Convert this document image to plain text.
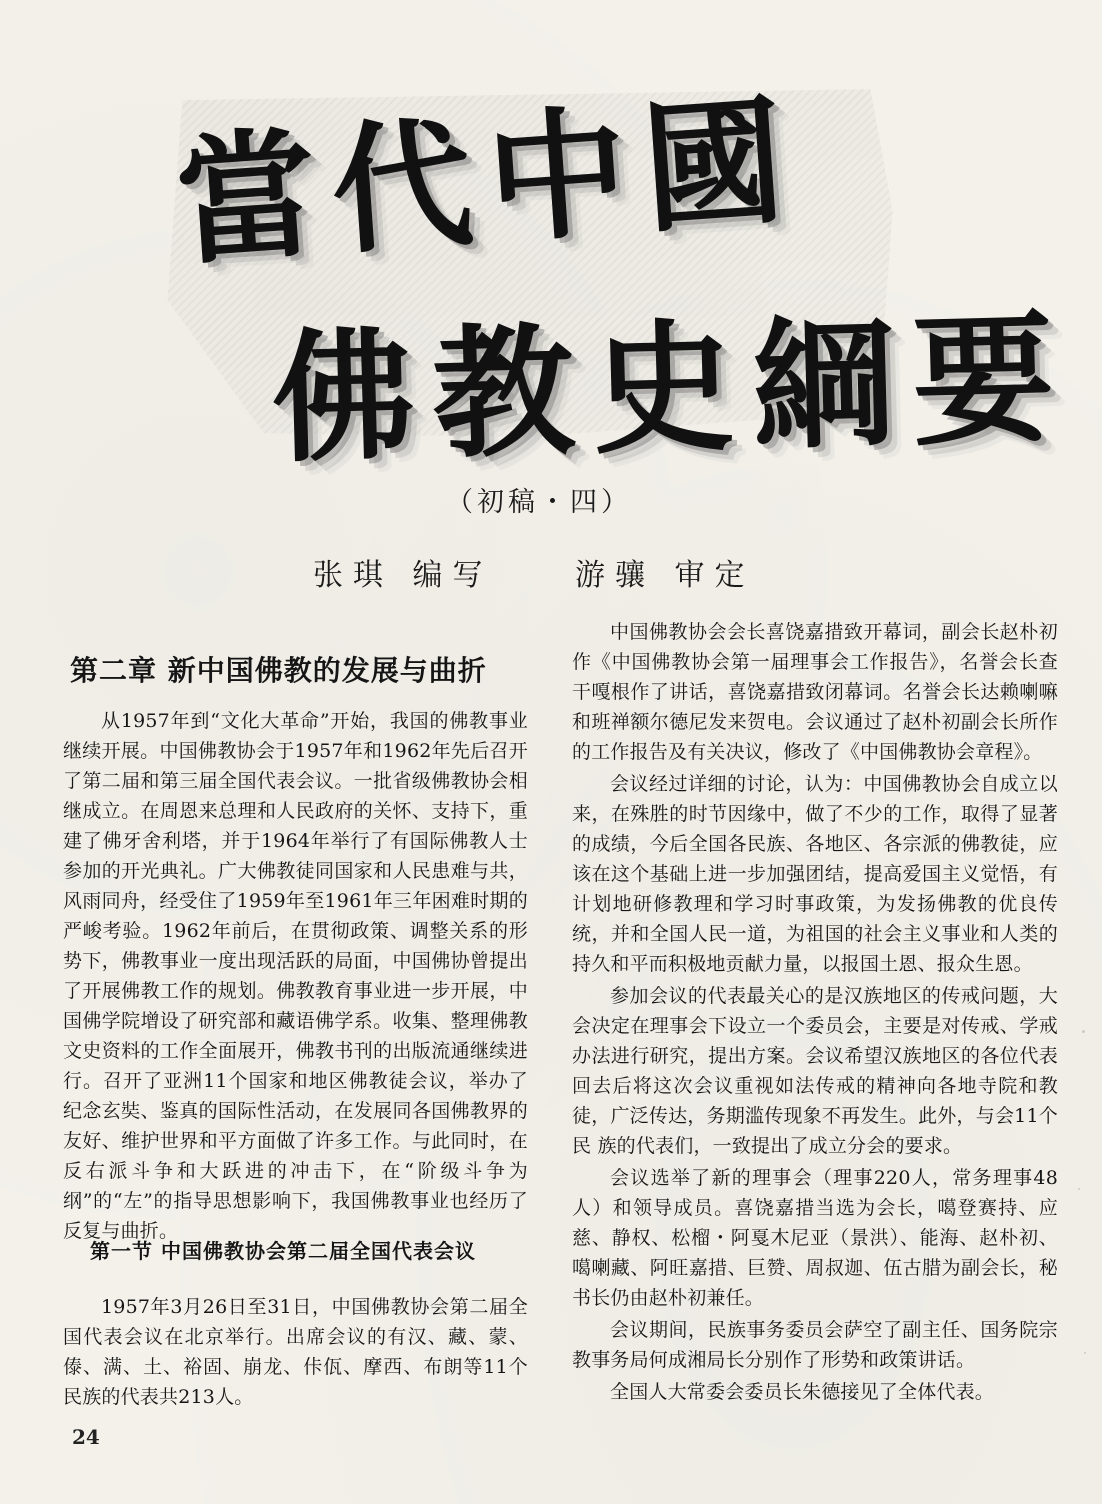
當代中國
佛教史綱要
（初稿・四）
张琪 编写	游骧 审定
第二章 新中国佛教的发展与曲折

从1957年到“文化大革命”开始，我国的佛教事业继续开展。中国佛教协会于1957年和1962年先后召开了第二届和第三届全国代表会议。一批省级佛教协会相继成立。在周恩来总理和人民政府的关怀、支持下，重建了佛牙舍利塔，并于1964年举行了有国际佛教人士参加的开光典礼。广大佛教徒同国家和人民患难与共，风雨同舟，经受住了1959年至1961年三年困难时期的严峻考验。1962年前后，在贯彻政策、调整关系的形势下，佛教事业一度出现活跃的局面，中国佛协曾提出了开展佛教工作的规划。佛教教育事业进一步开展，中国佛学院增设了研究部和藏语佛学系。收集、整理佛教文史资料的工作全面展开，佛教书刊的出版流通继续进行。召开了亚洲11个国家和地区佛教徒会议，举办了纪念玄奘、鉴真的国际性活动，在发展同各国佛教界的友好、维护世界和平方面做了许多工作。与此同时，在反右派斗争和大跃进的冲击下，在“阶级斗争为纲”的“左”的指导思想影响下，我国佛教事业也经历了反复与曲折。

第一节 中国佛教协会第二届全国代表会议

1957年3月26日至31日，中国佛教协会第二届全国代表会议在北京举行。出席会议的有汉、藏、蒙、傣、满、土、裕固、崩龙、佧佤、摩西、布朗等11个民族的代表共213人。

中国佛教协会会长喜饶嘉措致开幕词，副会长赵朴初作《中国佛教协会第一届理事会工作报告》，名誉会长查干嘎根作了讲话，喜饶嘉措致闭幕词。名誉会长达赖喇嘛和班禅额尔德尼发来贺电。会议通过了赵朴初副会长所作的工作报告及有关决议，修改了《中国佛教协会章程》。

会议经过详细的讨论，认为：中国佛教协会自成立以来，在殊胜的时节因缘中，做了不少的工作，取得了显著的成绩，今后全国各民族、各地区、各宗派的佛教徒，应该在这个基础上进一步加强团结，提高爱国主义觉悟，有计划地研修教理和学习时事政策，为发扬佛教的优良传统，并和全国人民一道，为祖国的社会主义事业和人类的持久和平而积极地贡献力量，以报国土恩、报众生恩。

参加会议的代表最关心的是汉族地区的传戒问题，大会决定在理事会下设立一个委员会，主要是对传戒、学戒办法进行研究，提出方案。会议希望汉族地区的各位代表回去后将这次会议重视如法传戒的精神向各地寺院和教徒，广泛传达，务期滥传现象不再发生。此外，与会11个民 族的代表们，一致提出了成立分会的要求。

会议选举了新的理事会（理事220人，常务理事48人）和领导成员。喜饶嘉措当选为会长，噶登赛持、应慈、静权、松榴・阿戛木尼亚（景洪）、能海、赵朴初、噶喇藏、阿旺嘉措、巨赞、周叔迦、伍古腊为副会长，秘书长仍由赵朴初兼任。

会议期间，民族事务委员会萨空了副主任、国务院宗教事务局何成湘局长分别作了形势和政策讲话。

全国人大常委会委员长朱德接见了全体代表。

24
